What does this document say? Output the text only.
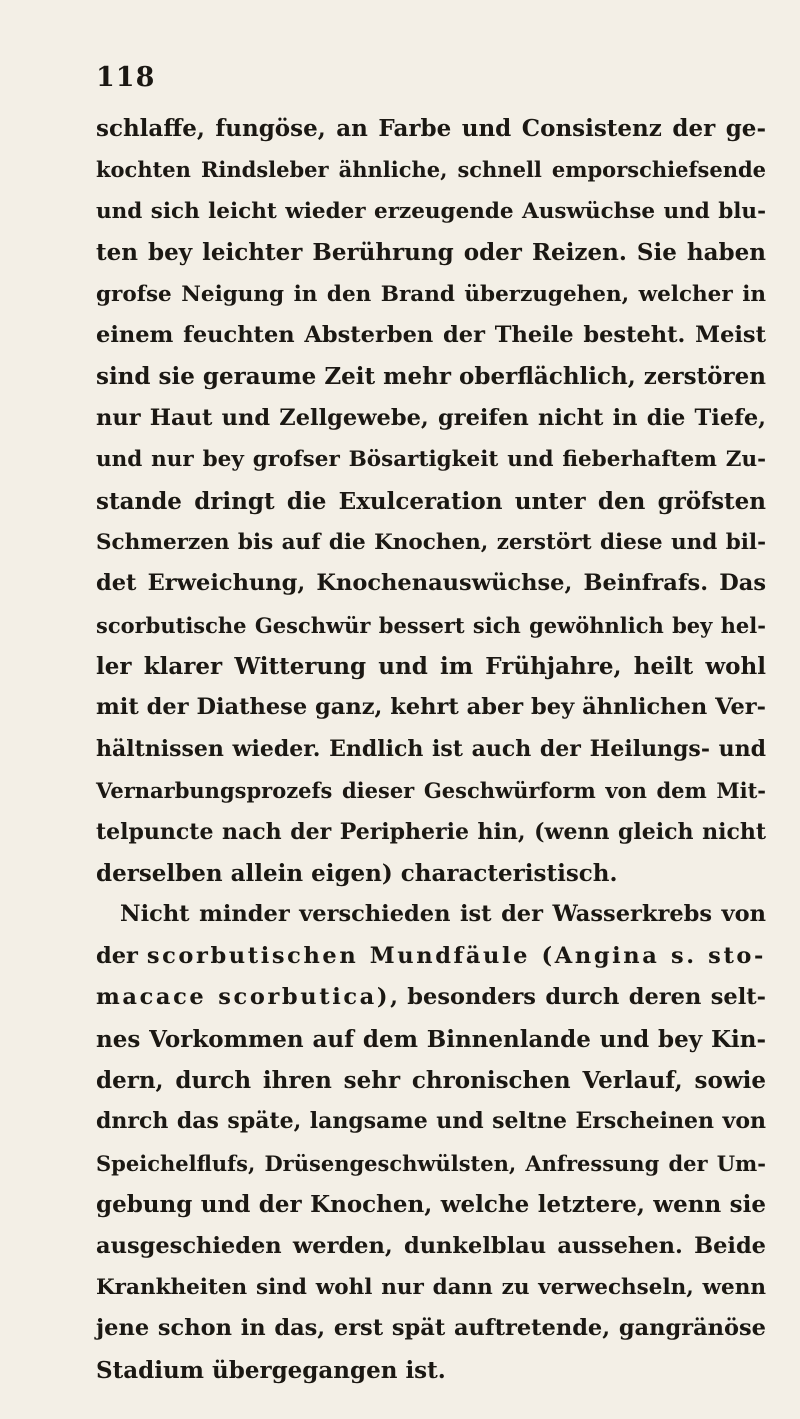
118
schlaffe, fungöse, an Farbe und Consistenz der ge-
kochten Rindsleber ähnliche, schnell emporschiefsende
und sich leicht wieder erzeugende Auswüchse und blu-
ten bey leichter Berührung oder Reizen. Sie haben
grofse Neigung in den Brand überzugehen, welcher in
einem feuchten Absterben der Theile besteht. Meist
sind sie geraume Zeit mehr oberflächlich, zerstören
nur Haut und Zellgewebe, greifen nicht in die Tiefe,
und nur bey grofser Bösartigkeit und fieberhaftem Zu-
stande dringt die Exulceration unter den gröfsten
Schmerzen bis auf die Knochen, zerstört diese und bil-
det Erweichung, Knochenauswüchse, Beinfrafs. Das
scorbutische Geschwür bessert sich gewöhnlich bey hel-
ler klarer Witterung und im Frühjahre, heilt wohl
mit der Diathese ganz, kehrt aber bey ähnlichen Ver-
hältnissen wieder. Endlich ist auch der Heilungs- und
Vernarbungsprozefs dieser Geschwürform von dem Mit-
telpuncte nach der Peripherie hin, (wenn gleich nicht
derselben allein eigen) characteristisch.
Nicht minder verschieden ist der Wasserkrebs von
der scorbutischen Mundfäule (Angina s. sto-
macace scorbutica), besonders durch deren selt-
nes Vorkommen auf dem Binnenlande und bey Kin-
dern, durch ihren sehr chronischen Verlauf, sowie
dnrch das späte, langsame und seltne Erscheinen von
Speichelflufs, Drüsengeschwülsten, Anfressung der Um-
gebung und der Knochen, welche letztere, wenn sie
ausgeschieden werden, dunkelblau aussehen. Beide
Krankheiten sind wohl nur dann zu verwechseln, wenn
jene schon in das, erst spät auftretende, gangränöse
Stadium übergegangen ist.
